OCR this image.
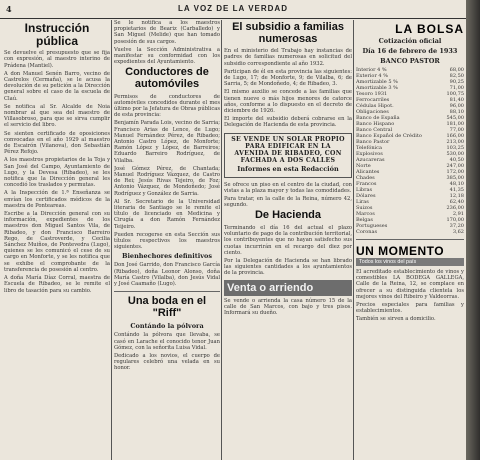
4	LA VOZ DE LA VERDAD
Instrucción pública

Se devuelve el presupuesto que se fija con expresión, al maestro interino de Prádena (Mantiel).

A don Manuel Senén Barro, vecino de Castrelos (Cermaña), se le acusa la devolución de su petición a la Dirección general sobre el caso de la escuela de Claú.

Se notifica al Sr. Alcalde de Noia nombrar al que sea del maestro de Villasobroso, para que se sirva cumplir el servicio del libro.

Se sienten certificado de oposiciones convocadas en el año 1929 al maestro de Escairón (Vilanova), don Sebastián Pérez Refojo.

A los maestros propietarios de la Toja y San José del Campo, Ayuntamiento de Lugo, y la Devesa (Ribadeo), se les notifica que la Dirección general les concedió los traslados y permutas.

A la Inspección de 1.ª Enseñanza se envían los certificados médicos de la maestra de Ponteareas.

Escribe a la Dirección general con su información, expedientes de los maestros don Miguel Santos Vila, de Ribadeo, y don Francisco Barreiro Rego, de Castroverde, y Cecilia Sánchez Muiños, de Pontevedra (Lugo), quienes se les comunicó el cese de su cargo en Monforte, y se les notifica que se exhibe el comprobante de la transferencia de posesión al centro.

A doña María Díaz Corral, maestra de Escuela de Ribadeo, se le remite el libro de tasación para su cambio.

Se le notifica a los maestros propietarios de Beariz (Carballedo) y San Miguel (Melide) que han tomado posesión de sus cargos.

Vuelve la Sección Administrativa a manifestar su conformidad con los expedientes del Ayuntamiento.

Conductores de automóviles

Permisos de conductores de automóviles concedidos durante el mes último por la Jefatura de Obras públicas de esta provincia:

Benjamín Parada Lois, vecino de Sarria; Francisco Arias de Lence, de Lugo; Manuel Fernández Pérez, de Ribadeo; Antonio Castro López, de Monforte; Ramón López y López, de Barreiros; Eduardo Barreiro Rodríguez, de Vilalba.

José Gómez Pérez, de Chantada; Manuel Rodríguez Vázquez, de Castro de Rei; Jesús Rivas Tejeiro, de Foz; Antonio Vázquez, de Mondoñedo; José Rodríguez y González de Sarria.

Al Sr. Secretario de la Universidad literaria de Santiago se le remite el título de licenciado en Medicina y Cirugía a don Ramón Fernández Teijeiro.

Pueden recogerse en esta Sección sus títulos respectivos los maestros siguientes.

Bienhechores definitivos

Don José Garrido, don Francisco García (Ribadeo), doña Leonor Alonso, doña María Castro (Vilalba), don Jesús Vidal y José Caamaño (Lugo).

Una boda en el "Riff"
Contándo la pólvora

Contándo la pólvora que llevaba, se casó en Larache el conocido tenor Juan Gómez, con la señorita Luisa Vidal.

Dedicado a los novios, el cuerpo de regulares celebró una velada en su honor.

El subsidio a familias numerosas

En el ministerio del Trabajo hay instancias de padres de familias numerosas en solicitud del subsidio correspondiente al año 1932.

Participan de él en esta provincia las siguientes: de Lugo, 17; de Monforte, 9; de Vilalba, 6; de Sarria, 5; de Mondoñedo, 4; de Ribadeo, 3.

El mismo auxilio se concede a las familias que tienen nueve o más hijos menores de catorce años, conforme a lo dispuesto en el decreto de diciembre de 1926.

El importe del subsidio deberá cobrarse en la Delegación de Hacienda de esta provincia.

SE VENDE UN SOLAR PROPIO PARA EDIFICAR EN LA AVENIDA DE RIBADEO, CON FACHADA A DOS CALLES
Informes en esta Redacción

Se ofrece un piso en el centro de la ciudad, con vistas a la plaza mayor y todas las comodidades.

Para tratar, en la calle de la Reina, número 42, segundo.

De Hacienda

Terminando el día 16 del actual el plazo voluntario de pago de la contribución territorial, los contribuyentes que no hayan satisfecho sus cuotas incurrirán en el recargo del diez por ciento.

Por la Delegación de Hacienda se han librado las siguientes cantidades a los ayuntamientos de la provincia.

Venta o arriendo

Se vende o arrienda la casa número 15 de la calle de San Marcos, con bajo y tres pisos. Informará su dueño.

LA BOLSA
Cotización oficial
Día 16 de febrero de 1933
BANCO PASTOR
Interior 4 %	68,00
Exterior 4 %	82,50
Amortizable 5 %	90,25
Amortizable 3 %	71,00
Tesoro 1931	100,75
Ferrocarriles	81,40
Cédulas Hipot.	96,00
Obligaciones	88,10
Banco de España	545,00
Banco Hispano	181,00
Banco Central	77,00
Banco Español de Crédito	166,00
Banco Pastor	213,00
Telefónica	103,25
Explosivos	530,00
Azucareras	40,50
Norte	247,00
Alicantes	172,00
Chades	385,00
Francos	48,10
Libras	41,35
Dólares	12,18
Liras	62,40
Suizos	236,00
Marcos	2,91
Belgas	170,00
Portugueses	37,20
Coronas	3,62
UN MOMENTO
Todos los vinos del país

El acreditado establecimiento de vinos y comestibles LA BODEGA GALLEGA, Calle de la Reina, 12, se complace en ofrecer a su distinguida clientela los mejores vinos del Ribeiro y Valdeorras.

Precios especiales para familias y establecimientos.

También se sirven a domicilio.
